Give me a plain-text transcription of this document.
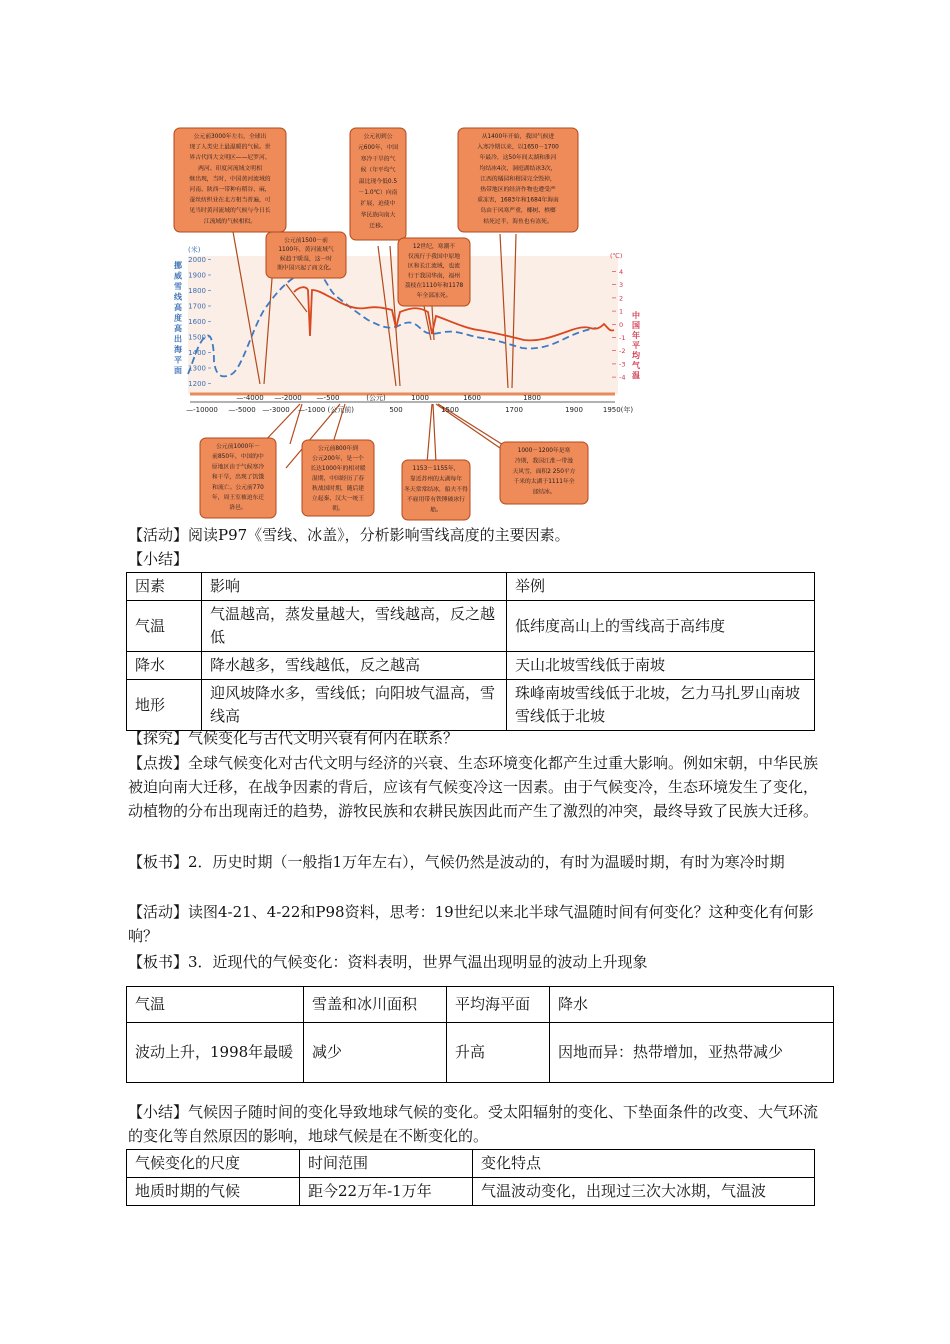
(米)
2000
1900
1800
1700
1600
1500
1400
1300
1200
挪威雪线高度高出海平面
(℃)
4
3
2
1
0
-1
-2
-3
-4
中国年平均气温
—-4000 —-2000 —-500	(公元)	1000	1600	1800
—-10000 —-5000 —-3000 —-1000 (公元前)	500	1500	1700	1900	1950(年)
公元前3000年左右，全球出现了人类史上最温暖的气候。世界古代四大文明区——尼罗河、两河、印度河流域文明相继出现，当时，中国黄河流域的河南、陕西一带种有稻谷、麻，蚕丝纺织业在北方相当普遍，可见当时黄河流域的气候与今日长江流域的气候相似。
公元前1500－前 1100年，黄河流域气候趋于暖湿，这一时期中国兴起了商文化。
公元初到公元600年，中国寒冷干旱的气候（年平均气温比现今低0.5 －1.0℃）向南扩展，迫使中华民族向南大迁移。
12世纪，寒潮不仅流行于我国中原地区和长江流域，也流行于我国华南，福州荔枝在1110年和1178 年全部冻死。
从1400年开始，我国气候进入寒冷期以来，以1650－1700 年最冷，这50年间太湖和淮河均结冰4次，洞庭湖结冰3次，江西的橘园和柑园完全毁掉，热带地区的经济作物也遭受严重冻害，1683年和1684年海南岛由于风寒严重，椰树、槟榔枯死过半，海鱼也有冻死。
公元前1000年－前850年，中国的中原地区由于气候寒冷和干旱，出现了饥饿和流亡。公元前770 年，周王室被迫东迁洛邑。
公元前800年到公元200年，是一个长达1000年的相对暖湿期，中国经历了春秋战国时期，随后建立起秦、汉大一统王朝。
1153－1155年，靠近苏州的太湖每年冬天常常结冰，船夫不得不雇用带有铁锤破冰行船。
1000－1200年是寒冷期，我国江淮一带漫天风雪，面积2 250平方千米的太湖于1111年全部结冰。
【活动】阅读P97《雪线、冰盖》，分析影响雪线高度的主要因素。
【小结】
因素	影响	举例
气温	气温越高，蒸发量越大，雪线越高，反之越低	低纬度高山上的雪线高于高纬度
降水	降水越多，雪线越低，反之越高	天山北坡雪线低于南坡
地形	迎风坡降水多，雪线低；向阳坡气温高，雪线高	珠峰南坡雪线低于北坡，乞力马扎罗山南坡雪线低于北坡
【探究】气候变化与古代文明兴衰有何内在联系？
【点拨】全球气候变化对古代文明与经济的兴衰、生态环境变化都产生过重大影响。例如宋朝，中华民族被迫向南大迁移，在战争因素的背后，应该有气候变冷这一因素。由于气候变冷，生态环境发生了变化，动植物的分布出现南迁的趋势，游牧民族和农耕民族因此而产生了激烈的冲突，最终导致了民族大迁移。
【板书】2．历史时期（一般指1万年左右），气候仍然是波动的，有时为温暖时期，有时为寒冷时期
【活动】读图4-21、4-22和P98资料，思考：19世纪以来北半球气温随时间有何变化？这种变化有何影响？
【板书】3．近现代的气候变化：资料表明，世界气温出现明显的波动上升现象
气温	雪盖和冰川面积	平均海平面	降水
波动上升，1998年最暖	减少	升高	因地而异：热带增加，亚热带减少
【小结】气候因子随时间的变化导致地球气候的变化。受太阳辐射的变化、下垫面条件的改变、大气环流的变化等自然原因的影响，地球气候是在不断变化的。
气候变化的尺度	时间范围	变化特点
地质时期的气候	距今22万年-1万年	气温波动变化，出现过三次大冰期，气温波
